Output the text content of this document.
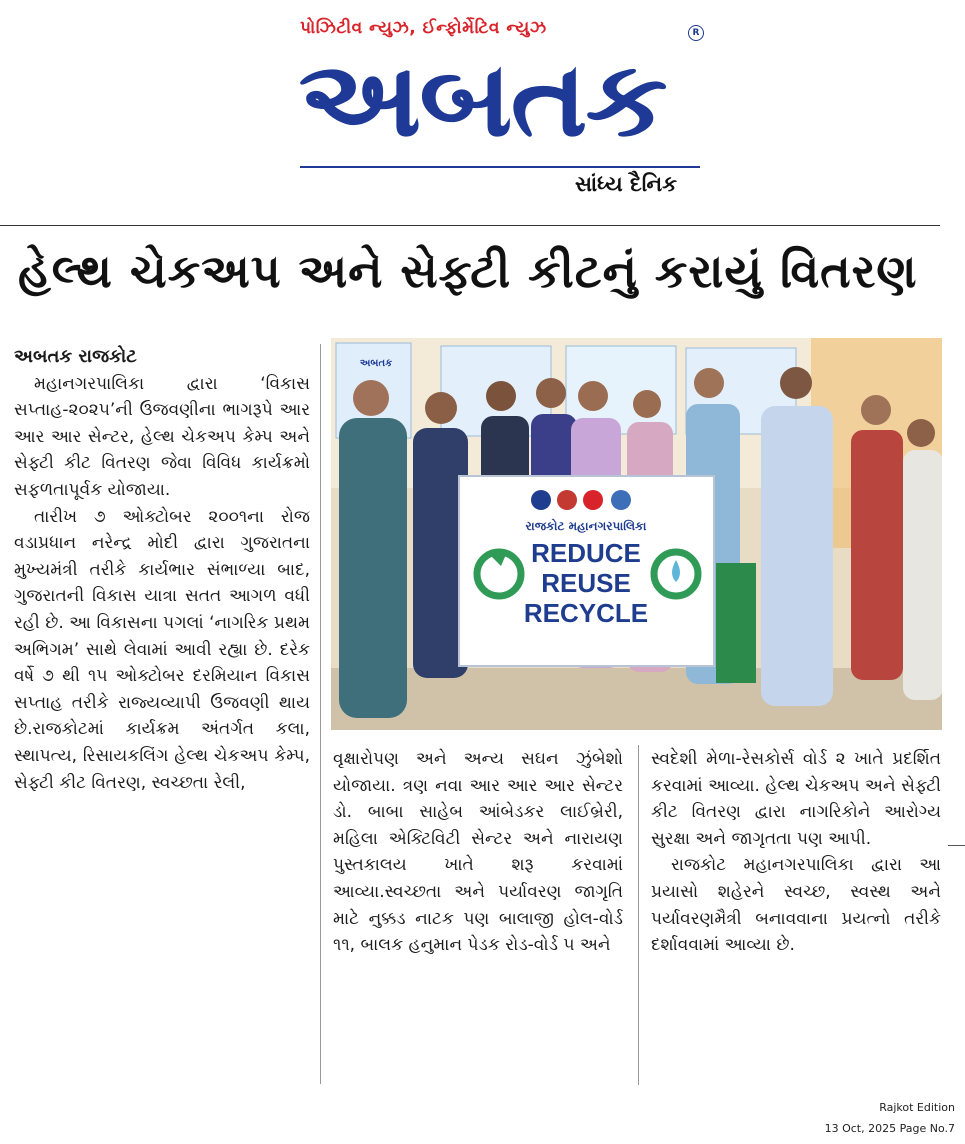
પોઝિટીવ ન્યુઝ, ઈન્ફોર્મેટિવ ન્યુઝ	R
અબતક
સાંધ્ય દૈનિક
હેલ્થ ચેકઅપ અને સેફ્ટી કીટનું કરાયું વિતરણ

અબતક રાજકોટ

મહાનગરપાલિકા દ્વારા ‘વિકાસ સપ્તાહ-૨૦૨૫’ની ઉજવણીના ભાગરૂપે આર આર આર સેન્ટર, હેલ્થ ચેકઅપ કેમ્પ અને સેફ્ટી કીટ વિતરણ જેવા વિવિધ કાર્યક્રમો સફળતાપૂર્વક યોજાયા.

તારીખ ૭ ઓક્ટોબર ૨૦૦૧ના રોજ વડાપ્રધાન નરેન્દ્ર મોદી દ્વારા ગુજરાતના મુખ્યમંત્રી તરીકે કાર્યભાર સંભાળ્યા બાદ, ગુજરાતની વિકાસ યાત્રા સતત આગળ વધી રહી છે. આ વિકાસના પગલાં ‘નાગરિક પ્રથમ અભિગમ’ સાથે લેવામાં આવી રહ્યા છે. દરેક વર્ષે ૭ થી ૧૫ ઓક્ટોબર દરમિયાન વિકાસ સપ્તાહ તરીકે રાજ્યવ્યાપી ઉજવણી થાય છે.રાજકોટમાં કાર્યક્રમ અંતર્ગત કલા, સ્થાપત્ય, રિસાયકલિંગ હેલ્થ ચેકઅપ કેમ્પ, સેફ્ટી કીટ વિતરણ, સ્વચ્છતા રેલી,

અબતક
રાજકોટ મહાનગરપાલિકા
REDUCE
REUSE
RECYCLE

વૃક્ષારોપણ અને અન્ય સઘન ઝુંબેશો યોજાયા. ત્રણ નવા આર આર આર સેન્ટર ડો. બાબા સાહેબ આંબેડકર લાઈબ્રેરી, મહિલા એક્ટિવિટી સેન્ટર અને નારાયણ પુસ્તકાલય ખાતે શરૂ કરવામાં આવ્યા.સ્વચ્છતા અને પર્યાવરણ જાગૃતિ માટે નુક્કડ નાટક પણ બાલાજી હોલ-વોર્ડ ૧૧, બાલક હનુમાન પેડક રોડ-વોર્ડ ૫ અને

સ્વદેશી મેળા-રેસકોર્સ વોર્ડ ૨ ખાતે પ્રદર્શિત કરવામાં આવ્યા. હેલ્થ ચેકઅપ અને સેફ્ટી કીટ વિતરણ દ્વારા નાગરિકોને આરોગ્ય સુરક્ષા અને જાગૃતતા પણ આપી.

રાજકોટ મહાનગરપાલિકા દ્વારા આ પ્રયાસો શહેરને સ્વચ્છ, સ્વસ્થ અને પર્યાવરણમૈત્રી બનાવવાના પ્રયત્નો તરીકે દર્શાવવામાં આવ્યા છે.

Rajkot Edition
13 Oct, 2025 Page No.7
